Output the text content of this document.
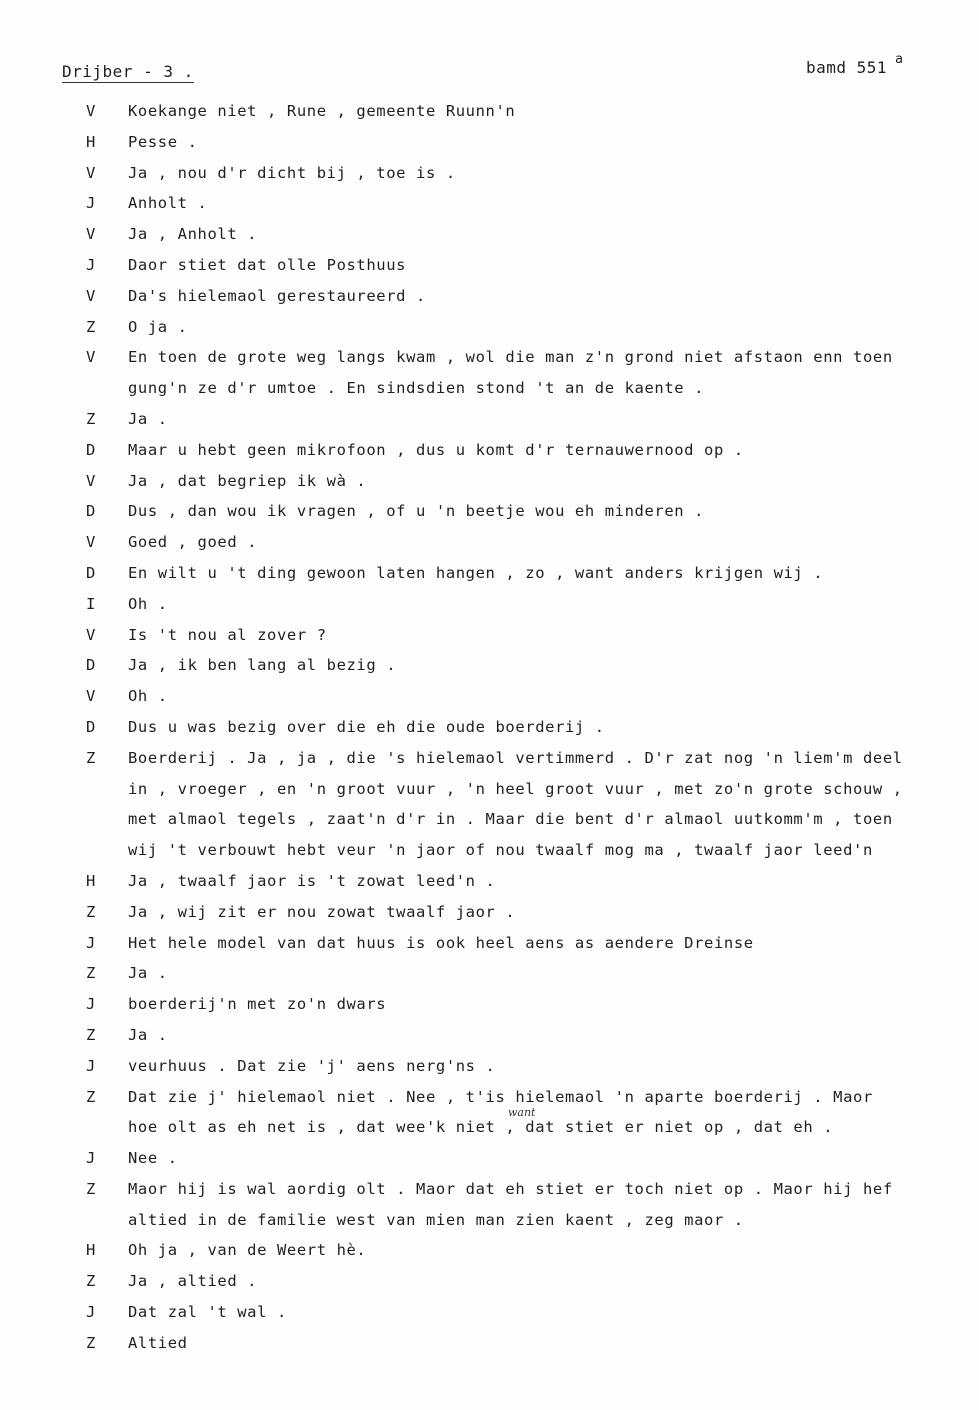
Drijber - 3 .	bamd 551 $^a$
V	Koekange niet , Rune , gemeente Ruunn'n
H	Pesse .
V	Ja , nou d'r dicht bij , toe is .
J	Anholt .
V	Ja , Anholt .
J	Daor stiet dat olle Posthuus
V	Da's hielemaol gerestaureerd .
Z	O ja .
V	En toen de grote weg langs kwam , wol die man z'n grond niet afstaon enn toen
gung'n ze d'r umtoe . En sindsdien stond 't an de kaente .
Z	Ja .
D	Maar u hebt geen mikrofoon , dus u komt d'r ternauwernood op .
V	Ja , dat begriep ik wà .
D	Dus , dan wou ik vragen , of u 'n beetje wou eh minderen .
V	Goed , goed .
D	En wilt u 't ding gewoon laten hangen , zo , want anders krijgen wij .
I	Oh .
V	Is 't nou al zover ?
D	Ja , ik ben lang al bezig .
V	Oh .
D	Dus u was bezig over die eh die oude boerderij .
Z	Boerderij . Ja , ja , die 's hielemaol vertimmerd . D'r zat nog 'n liem'm deel
in , vroeger , en 'n groot vuur , 'n heel groot vuur , met zo'n grote schouw ,
met almaol tegels , zaat'n d'r in . Maar die bent d'r almaol uutkomm'm , toen
wij 't verbouwt hebt veur 'n jaor of nou twaalf mog ma , twaalf jaor leed'n
H	Ja , twaalf jaor is 't zowat leed'n .
Z	Ja , wij zit er nou zowat twaalf jaor .
J	Het hele model van dat huus is ook heel aens as aendere Dreinse
Z	Ja .
J	boerderij'n met zo'n dwars
Z	Ja .
J	veurhuus . Dat zie 'j' aens nerg'ns .
Z	Dat zie j' hielemaol niet . Nee , t'is hielemaol 'n aparte boerderij . Maor
hoe olt as eh net is , dat wee'k niet , dat stiet er niet op , dat eh .
J	Nee .
Z	Maor hij is wal aordig olt . Maor dat eh stiet er toch niet op . Maor hij hef
altied in de familie west van mien man zien kaent , zeg maor .
H	Oh ja , van de Weert hè.
Z	Ja , altied .
J	Dat zal 't wal .
Z	Altied
want
